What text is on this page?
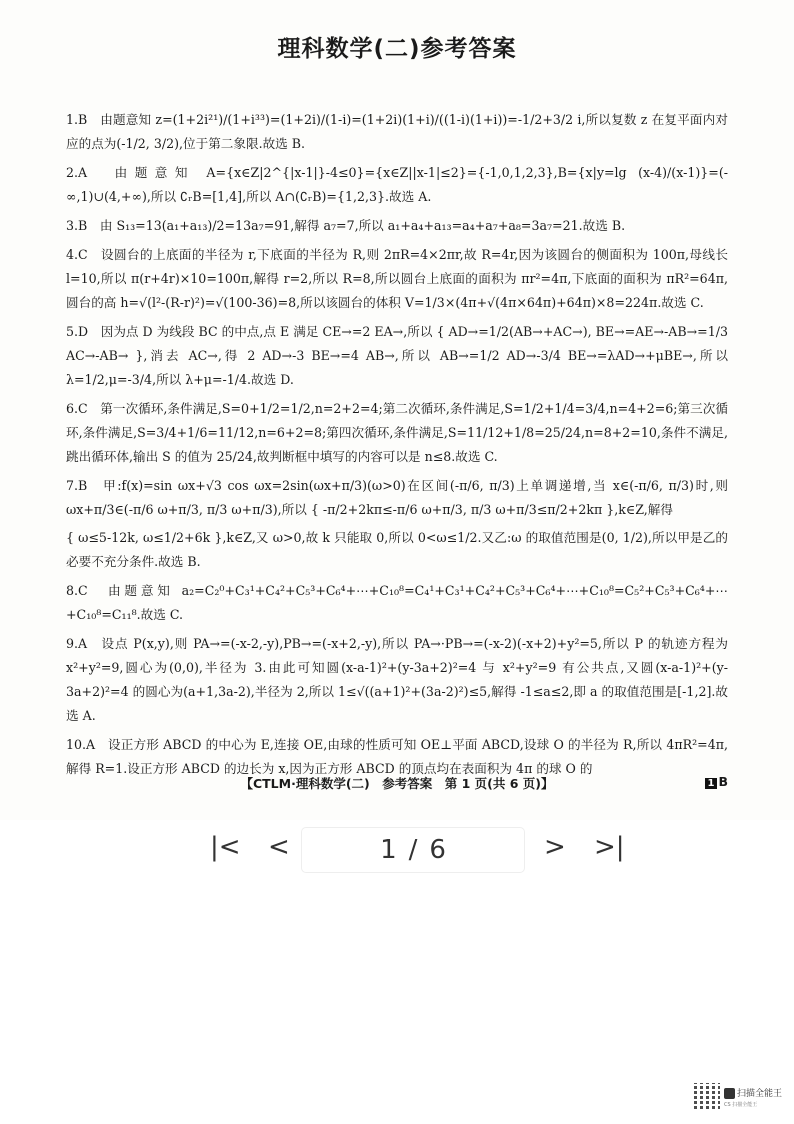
理科数学(二)参考答案

1.B　由题意知 z=(1+2i²¹)/(1+i³³)=(1+2i)/(1-i)=(1+2i)(1+i)/((1-i)(1+i))=-1/2+3/2 i,所以复数 z 在复平面内对应的点为(-1/2, 3/2),位于第二象限.故选 B.

2.A　由题意知 A={x∈Z|2^{|x-1|}-4≤0}={x∈Z||x-1|≤2}={-1,0,1,2,3},B={x|y=lg (x-4)/(x-1)}=(-∞,1)∪(4,+∞),所以 ∁ᵣB=[1,4],所以 A∩(∁ᵣB)={1,2,3}.故选 A.

3.B　由 S₁₃=13(a₁+a₁₃)/2=13a₇=91,解得 a₇=7,所以 a₁+a₄+a₁₃=a₄+a₇+a₈=3a₇=21.故选 B.

4.C　设圆台的上底面的半径为 r,下底面的半径为 R,则 2πR=4×2πr,故 R=4r,因为该圆台的侧面积为 100π,母线长 l=10,所以 π(r+4r)×10=100π,解得 r=2,所以 R=8,所以圆台上底面的面积为 πr²=4π,下底面的面积为 πR²=64π,圆台的高 h=√(l²-(R-r)²)=√(100-36)=8,所以该圆台的体积 V=1/3×(4π+√(4π×64π)+64π)×8=224π.故选 C.

5.D　因为点 D 为线段 BC 的中点,点 E 满足 CE→=2 EA→,所以 { AD→=1/2(AB→+AC→), BE→=AE→-AB→=1/3 AC→-AB→ },消去 AC→,得 2 AD→-3 BE→=4 AB→,所以 AB→=1/2 AD→-3/4 BE→=λAD→+μBE→,所以 λ=1/2,μ=-3/4,所以 λ+μ=-1/4.故选 D.

6.C　第一次循环,条件满足,S=0+1/2=1/2,n=2+2=4;第二次循环,条件满足,S=1/2+1/4=3/4,n=4+2=6;第三次循环,条件满足,S=3/4+1/6=11/12,n=6+2=8;第四次循环,条件满足,S=11/12+1/8=25/24,n=8+2=10,条件不满足,跳出循环体,输出 S 的值为 25/24,故判断框中填写的内容可以是 n≤8.故选 C.

7.B　甲:f(x)=sin ωx+√3 cos ωx=2sin(ωx+π/3)(ω>0)在区间(-π/6, π/3)上单调递增,当 x∈(-π/6, π/3)时,则 ωx+π/3∈(-π/6 ω+π/3, π/3 ω+π/3),所以 { -π/2+2kπ≤-π/6 ω+π/3, π/3 ω+π/3≤π/2+2kπ },k∈Z,解得

{ ω≤5-12k, ω≤1/2+6k },k∈Z,又 ω>0,故 k 只能取 0,所以 0<ω≤1/2.又乙:ω 的取值范围是(0, 1/2),所以甲是乙的必要不充分条件.故选 B.

8.C　由题意知 a₂=C₂⁰+C₃¹+C₄²+C₅³+C₆⁴+⋯+C₁₀⁸=C₄¹+C₃¹+C₄²+C₅³+C₆⁴+⋯+C₁₀⁸=C₅²+C₅³+C₆⁴+⋯+C₁₀⁸=C₁₁⁸.故选 C.

9.A　设点 P(x,y),则 PA→=(-x-2,-y),PB→=(-x+2,-y),所以 PA→·PB→=(-x-2)(-x+2)+y²=5,所以 P 的轨迹方程为 x²+y²=9,圆心为(0,0),半径为 3.由此可知圆(x-a-1)²+(y-3a+2)²=4 与 x²+y²=9 有公共点,又圆(x-a-1)²+(y-3a+2)²=4 的圆心为(a+1,3a-2),半径为 2,所以 1≤√((a+1)²+(3a-2)²)≤5,解得 -1≤a≤2,即 a 的取值范围是[-1,2].故选 A.

10.A　设正方形 ABCD 的中心为 E,连接 OE,由球的性质可知 OE⊥平面 ABCD,设球 O 的半径为 R,所以 4πR²=4π,解得 R=1.设正方形 ABCD 的边长为 x,因为正方形 ABCD 的顶点均在表面积为 4π 的球 O 的

【CTLM·理科数学(二)　参考答案　第 1 页(共 6 页)】	1 B
|< <	1 / 6	> >|
扫描全能王
CS 扫描全能王
